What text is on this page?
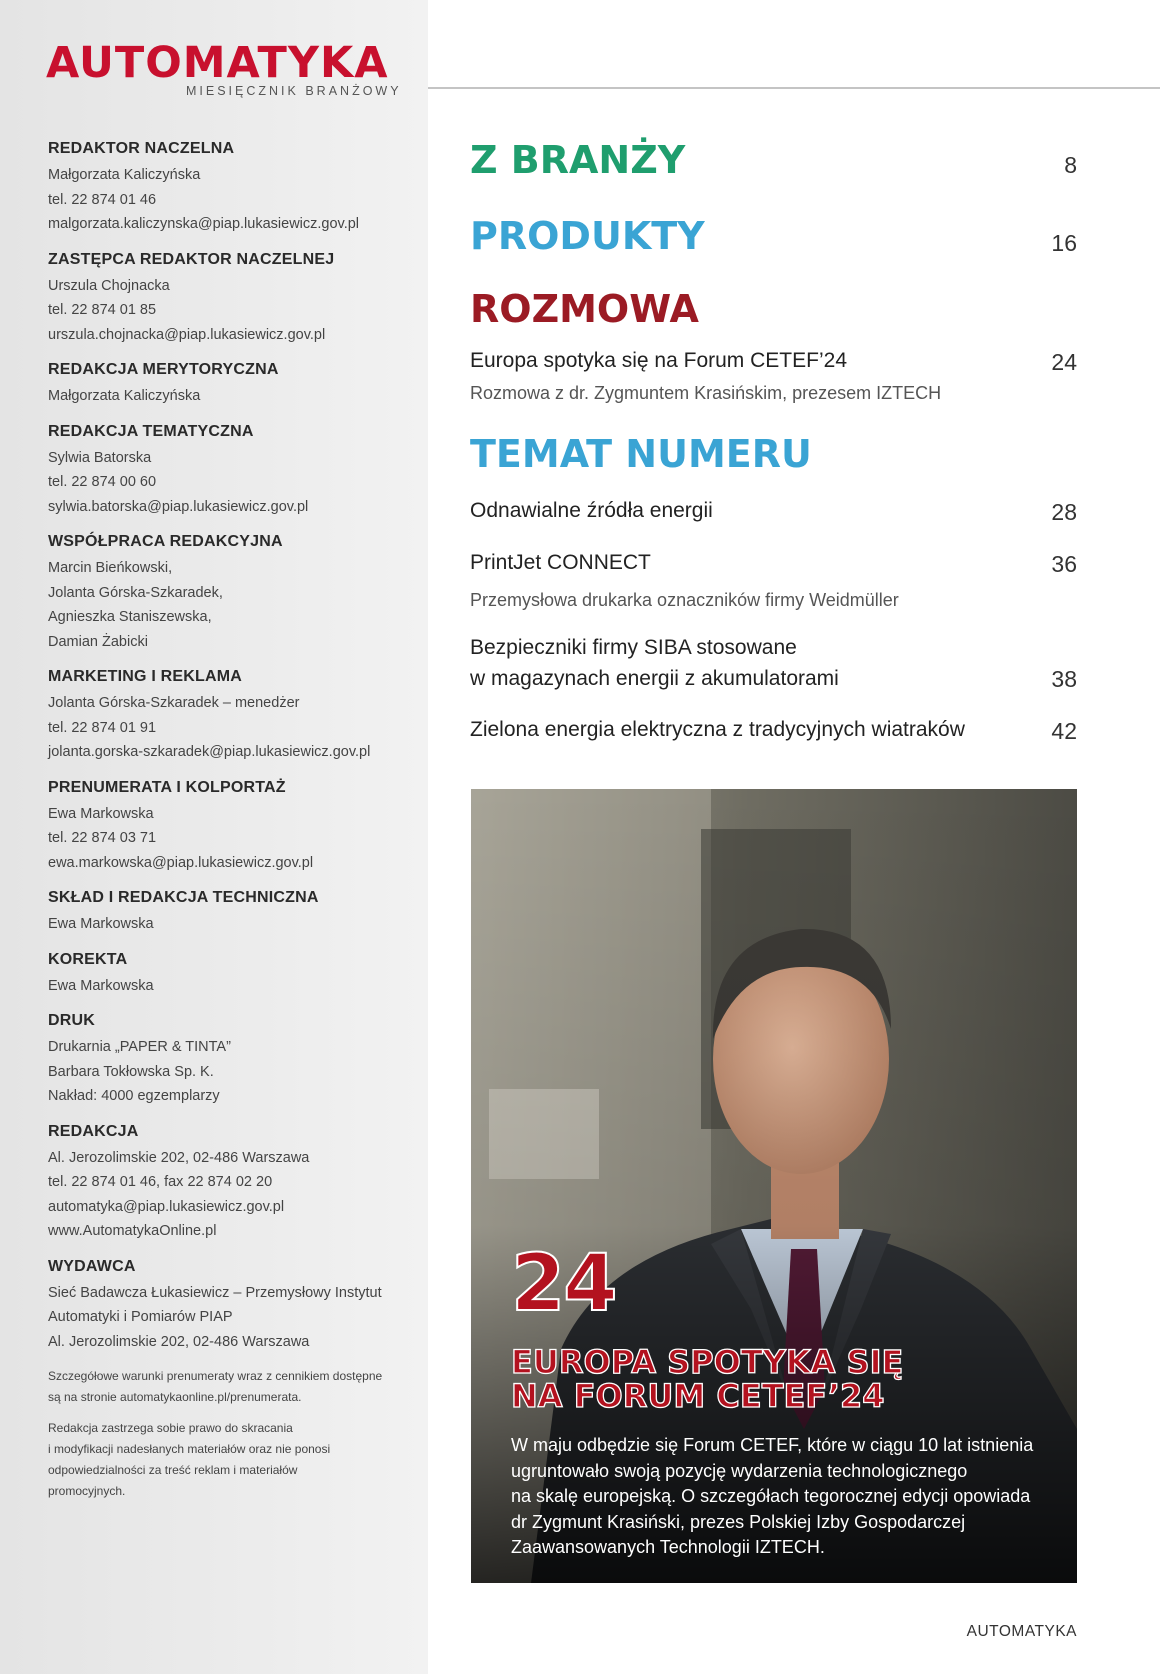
AUTOMATYKA
MIESIĘCZNIK BRANŻOWY
REDAKTOR NACZELNA
Małgorzata Kaliczyńska
tel. 22 874 01 46
malgorzata.kaliczynska@piap.lukasiewicz.gov.pl
ZASTĘPCA REDAKTOR NACZELNEJ
Urszula Chojnacka
tel. 22 874 01 85
urszula.chojnacka@piap.lukasiewicz.gov.pl
REDAKCJA MERYTORYCZNA
Małgorzata Kaliczyńska
REDAKCJA TEMATYCZNA
Sylwia Batorska
tel. 22 874 00 60
sylwia.batorska@piap.lukasiewicz.gov.pl
WSPÓŁPRACA REDAKCYJNA
Marcin Bieńkowski,
Jolanta Górska-Szkaradek,
Agnieszka Staniszewska,
Damian Żabicki
MARKETING I REKLAMA
Jolanta Górska-Szkaradek – menedżer
tel. 22 874 01 91
jolanta.gorska-szkaradek@piap.lukasiewicz.gov.pl
PRENUMERATA I KOLPORTAŻ
Ewa Markowska
tel. 22 874 03 71
ewa.markowska@piap.lukasiewicz.gov.pl
SKŁAD I REDAKCJA TECHNICZNA
Ewa Markowska
KOREKTA
Ewa Markowska
DRUK
Drukarnia „PAPER & TINTA”
Barbara Tokłowska Sp. K.
Nakład: 4000 egzemplarzy
REDAKCJA
Al. Jerozolimskie 202, 02-486 Warszawa
tel. 22 874 01 46, fax 22 874 02 20
automatyka@piap.lukasiewicz.gov.pl
www.AutomatykaOnline.pl
WYDAWCA
Sieć Badawcza Łukasiewicz – Przemysłowy Instytut
Automatyki i Pomiarów PIAP
Al. Jerozolimskie 202, 02-486 Warszawa
Szczegółowe warunki prenumeraty wraz z cennikiem dostępne
są na stronie automatykaonline.pl/prenumerata.
Redakcja zastrzega sobie prawo do skracania
i modyfikacji nadesłanych materiałów oraz nie ponosi
odpowiedzialności za treść reklam i materiałów
promocyjnych.
Z BRANŻY	8
PRODUKTY	16
ROZMOWA
Europa spotyka się na Forum CETEF’24	24
Rozmowa z dr. Zygmuntem Krasińskim, prezesem IZTECH
TEMAT NUMERU
Odnawialne źródła energii	28
PrintJet CONNECT	36
Przemysłowa drukarka oznaczników firmy Weidmüller
Bezpieczniki firmy SIBA stosowane
w magazynach energii z akumulatorami	38
Zielona energia elektryczna z tradycyjnych wiatraków	42
24
EUROPA SPOTYKA SIĘ
NA FORUM CETEF’24
W maju odbędzie się Forum CETEF, które w ciągu 10 lat istnienia
ugruntowało swoją pozycję wydarzenia technologicznego
na skalę europejską. O szczegółach tegorocznej edycji opowiada
dr Zygmunt Krasiński, prezes Polskiej Izby Gospodarczej
Zaawansowanych Technologii IZTECH.
AUTOMATYKA
